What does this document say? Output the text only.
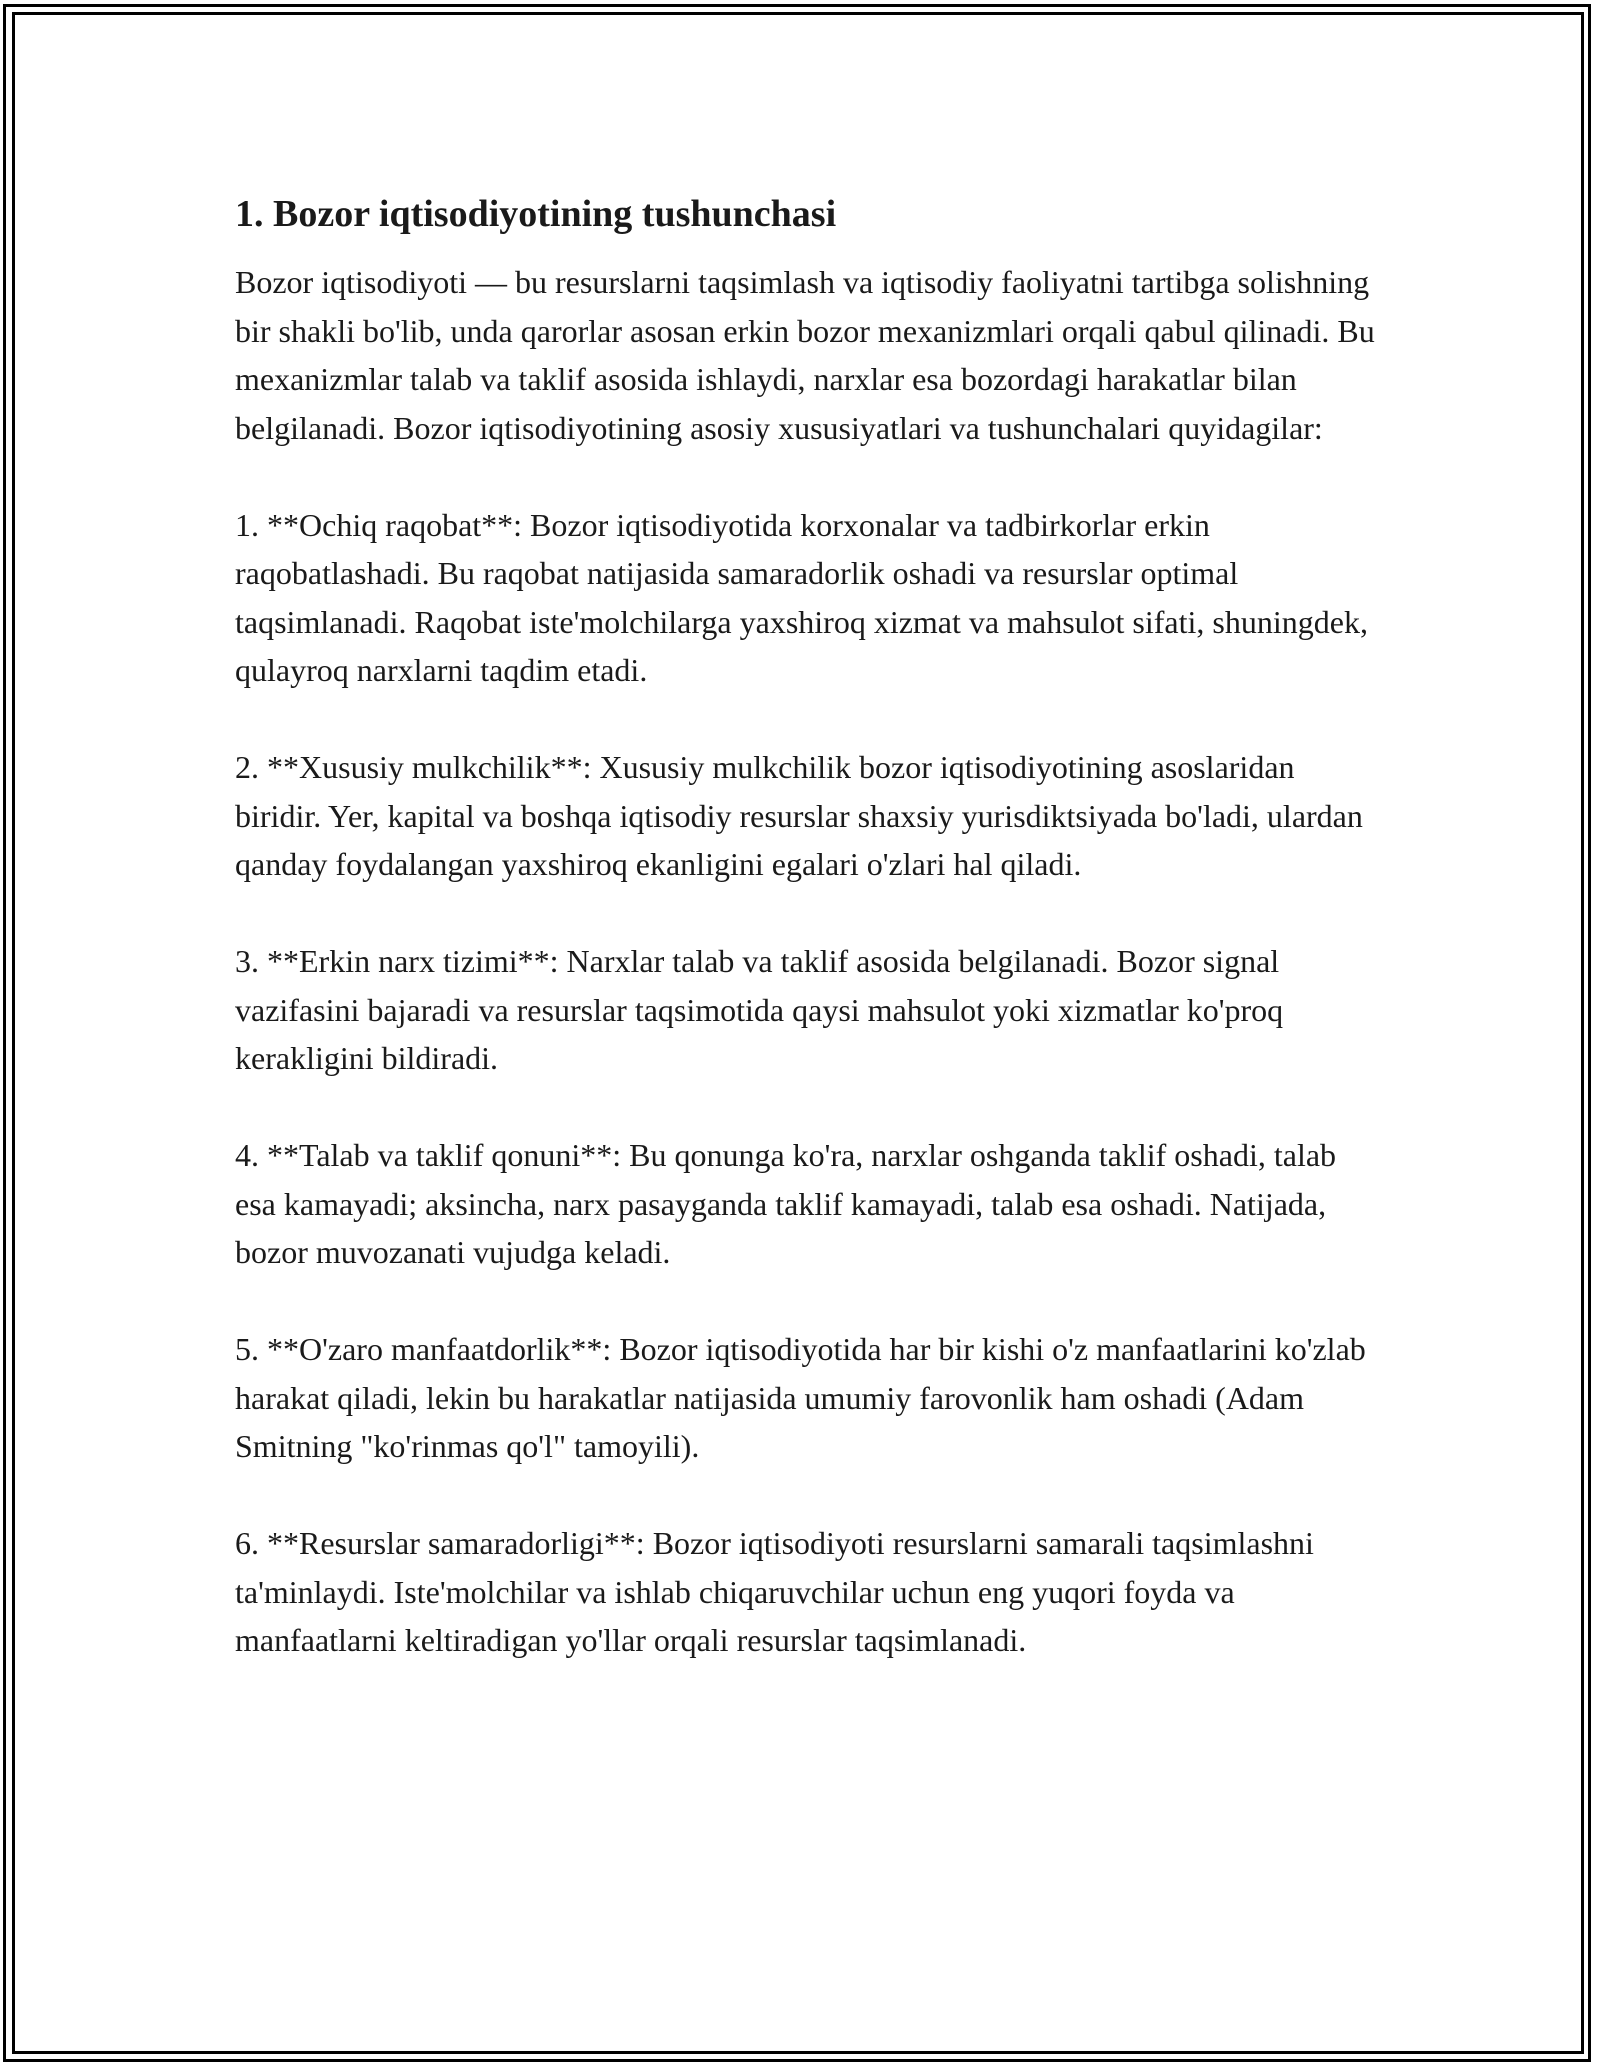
1. Bozor iqtisodiyotining tushunchasi

Bozor iqtisodiyoti — bu resurslarni taqsimlash va iqtisodiy faoliyatni tartibga solishning bir shakli bo'lib, unda qarorlar asosan erkin bozor mexanizmlari orqali qabul qilinadi. Bu mexanizmlar talab va taklif asosida ishlaydi, narxlar esa bozordagi harakatlar bilan belgilanadi. Bozor iqtisodiyotining asosiy xususiyatlari va tushunchalari quyidagilar:

1. **Ochiq raqobat**: Bozor iqtisodiyotida korxonalar va tadbirkorlar erkin raqobatlashadi. Bu raqobat natijasida samaradorlik oshadi va resurslar optimal taqsimlanadi. Raqobat iste'molchilarga yaxshiroq xizmat va mahsulot sifati, shuningdek, qulayroq narxlarni taqdim etadi.

2. **Xususiy mulkchilik**: Xususiy mulkchilik bozor iqtisodiyotining asoslaridan biridir. Yer, kapital va boshqa iqtisodiy resurslar shaxsiy yurisdiktsiyada bo'ladi, ulardan qanday foydalangan yaxshiroq ekanligini egalari o'zlari hal qiladi.

3. **Erkin narx tizimi**: Narxlar talab va taklif asosida belgilanadi. Bozor signal vazifasini bajaradi va resurslar taqsimotida qaysi mahsulot yoki xizmatlar ko'proq kerakligini bildiradi.

4. **Talab va taklif qonuni**: Bu qonunga ko'ra, narxlar oshganda taklif oshadi, talab esa kamayadi; aksincha, narx pasayganda taklif kamayadi, talab esa oshadi. Natijada, bozor muvozanati vujudga keladi.

5. **O'zaro manfaatdorlik**: Bozor iqtisodiyotida har bir kishi o'z manfaatlarini ko'zlab harakat qiladi, lekin bu harakatlar natijasida umumiy farovonlik ham oshadi (Adam Smitning "ko'rinmas qo'l" tamoyili).

6. **Resurslar samaradorligi**: Bozor iqtisodiyoti resurslarni samarali taqsimlashni ta'minlaydi. Iste'molchilar va ishlab chiqaruvchilar uchun eng yuqori foyda va manfaatlarni keltiradigan yo'llar orqali resurslar taqsimlanadi.
